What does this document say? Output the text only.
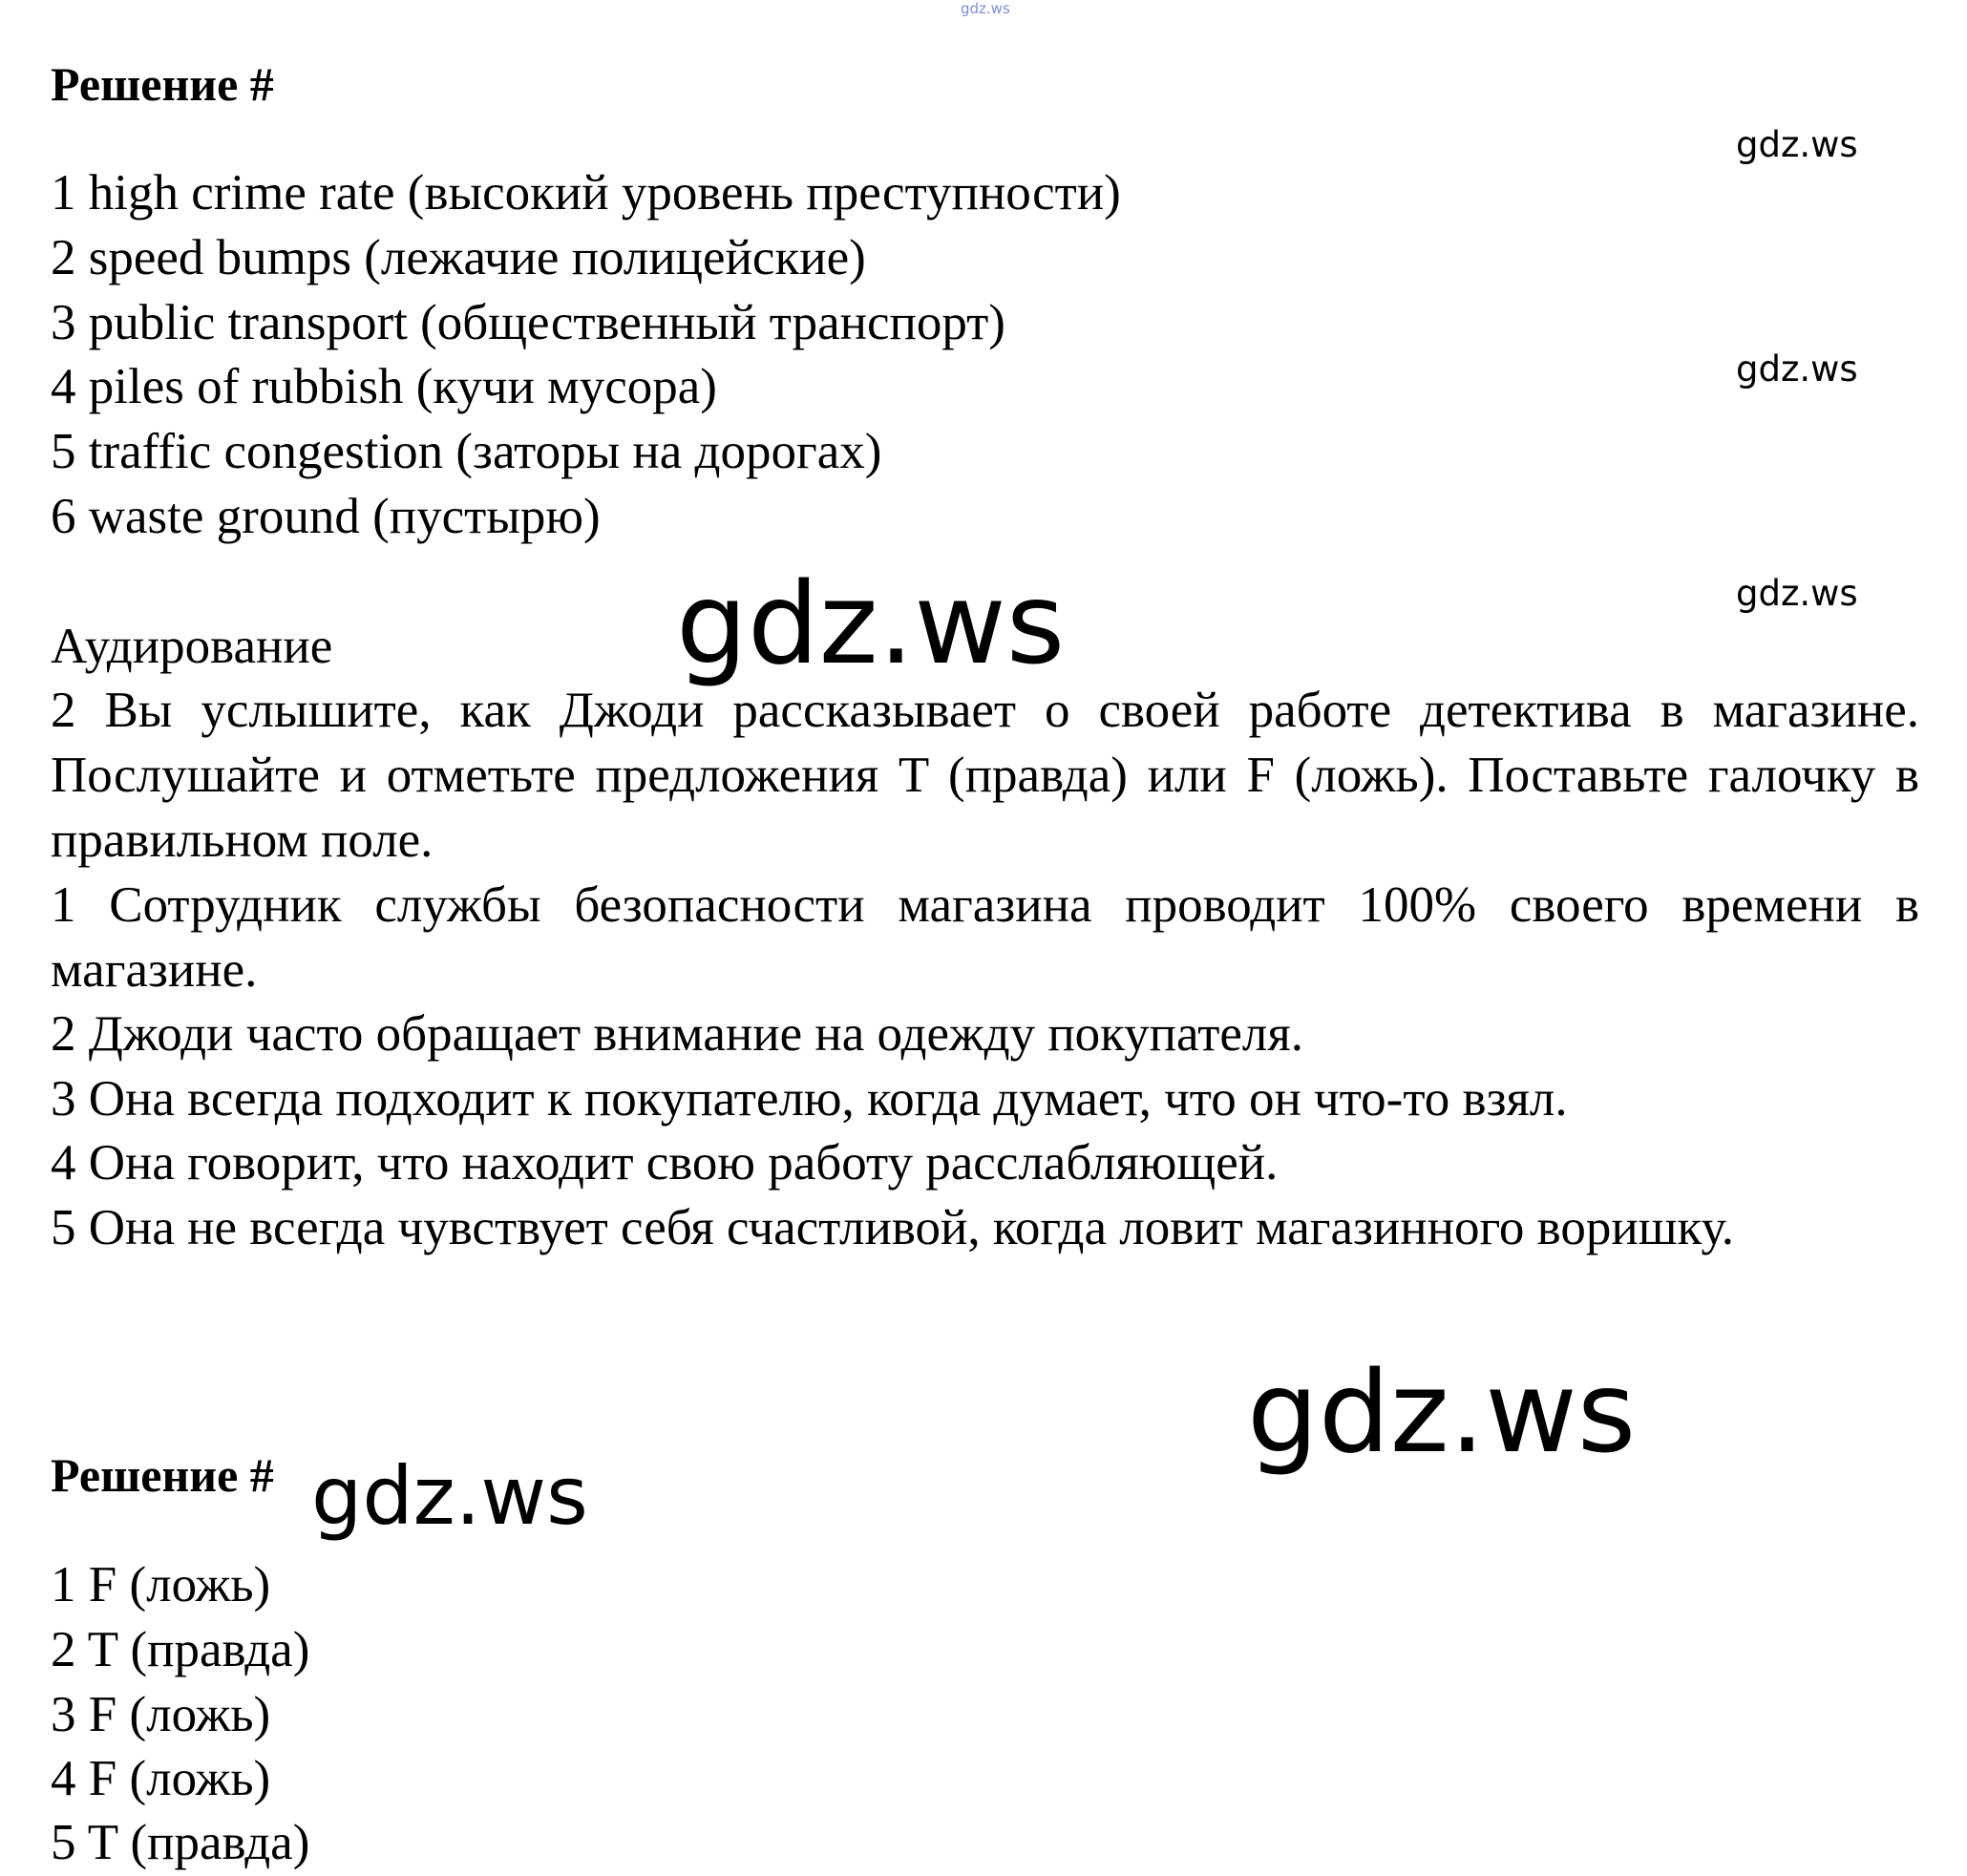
gdz.ws
Решение #
gdz.ws
1 high crime rate (высокий уровень преступности)
2 speed bumps (лежачие полицейские)
3 public transport (общественный транспорт)
4 piles of rubbish (кучи мусора)
5 traffic congestion (заторы на дорогах)
6 waste ground (пустырю)
gdz.ws
gdz.ws
gdz.ws
Аудирование
2 Вы услышите, как Джоди рассказывает о своей работе детектива в магазине. Послушайте и отметьте предложения T (правда) или F (ложь). Поставьте галочку в правильном поле.
1 Сотрудник службы безопасности магазина проводит 100% своего времени в магазине.
2 Джоди часто обращает внимание на одежду покупателя.
3 Она всегда подходит к покупателю, когда думает, что он что-то взял.
4 Она говорит, что находит свою работу расслабляющей.
5 Она не всегда чувствует себя счастливой, когда ловит магазинного воришку.
gdz.ws
Решение # gdz.ws
1 F (ложь)
2 T (правда)
3 F (ложь)
4 F (ложь)
5 T (правда)
